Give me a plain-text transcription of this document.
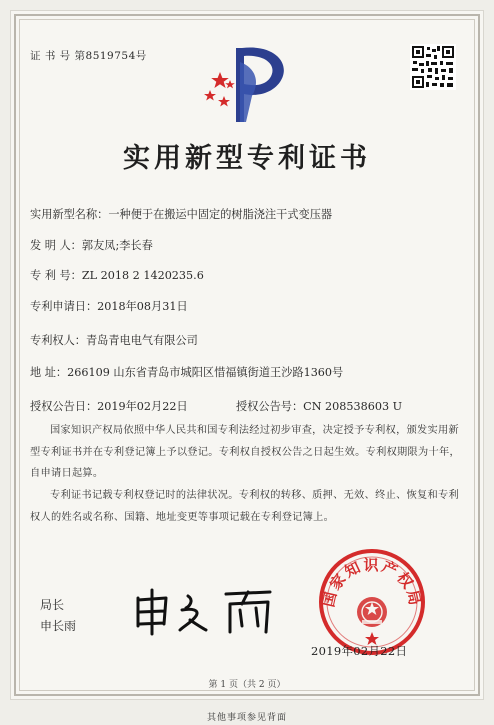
证 书 号 第8519754号
实用新型专利证书
实用新型名称：一种便于在搬运中固定的树脂浇注干式变压器
发 明 人：郭友凤;李长春
专 利 号：ZL 2018 2 1420235.6
专利申请日：2018年08月31日
专利权人：青岛青电电气有限公司
地 址：266109 山东省青岛市城阳区惜福镇街道王沙路1360号
授权公告日：2019年02月22日	授权公告号：CN 208538603 U
国家知识产权局依照中华人民共和国专利法经过初步审查，决定授予专利权，颁发实用新型专利证书并在专利登记簿上予以登记。专利权自授权公告之日起生效。专利权期限为十年，自申请日起算。
专利证书记载专利权登记时的法律状况。专利权的转移、质押、无效、终止、恢复和专利权人的姓名或名称、国籍、地址变更等事项记载在专利登记簿上。
局长
申长雨
国家知识产权局
2019年02月22日
第 1 页（共 2 页）
其他事项参见背面
